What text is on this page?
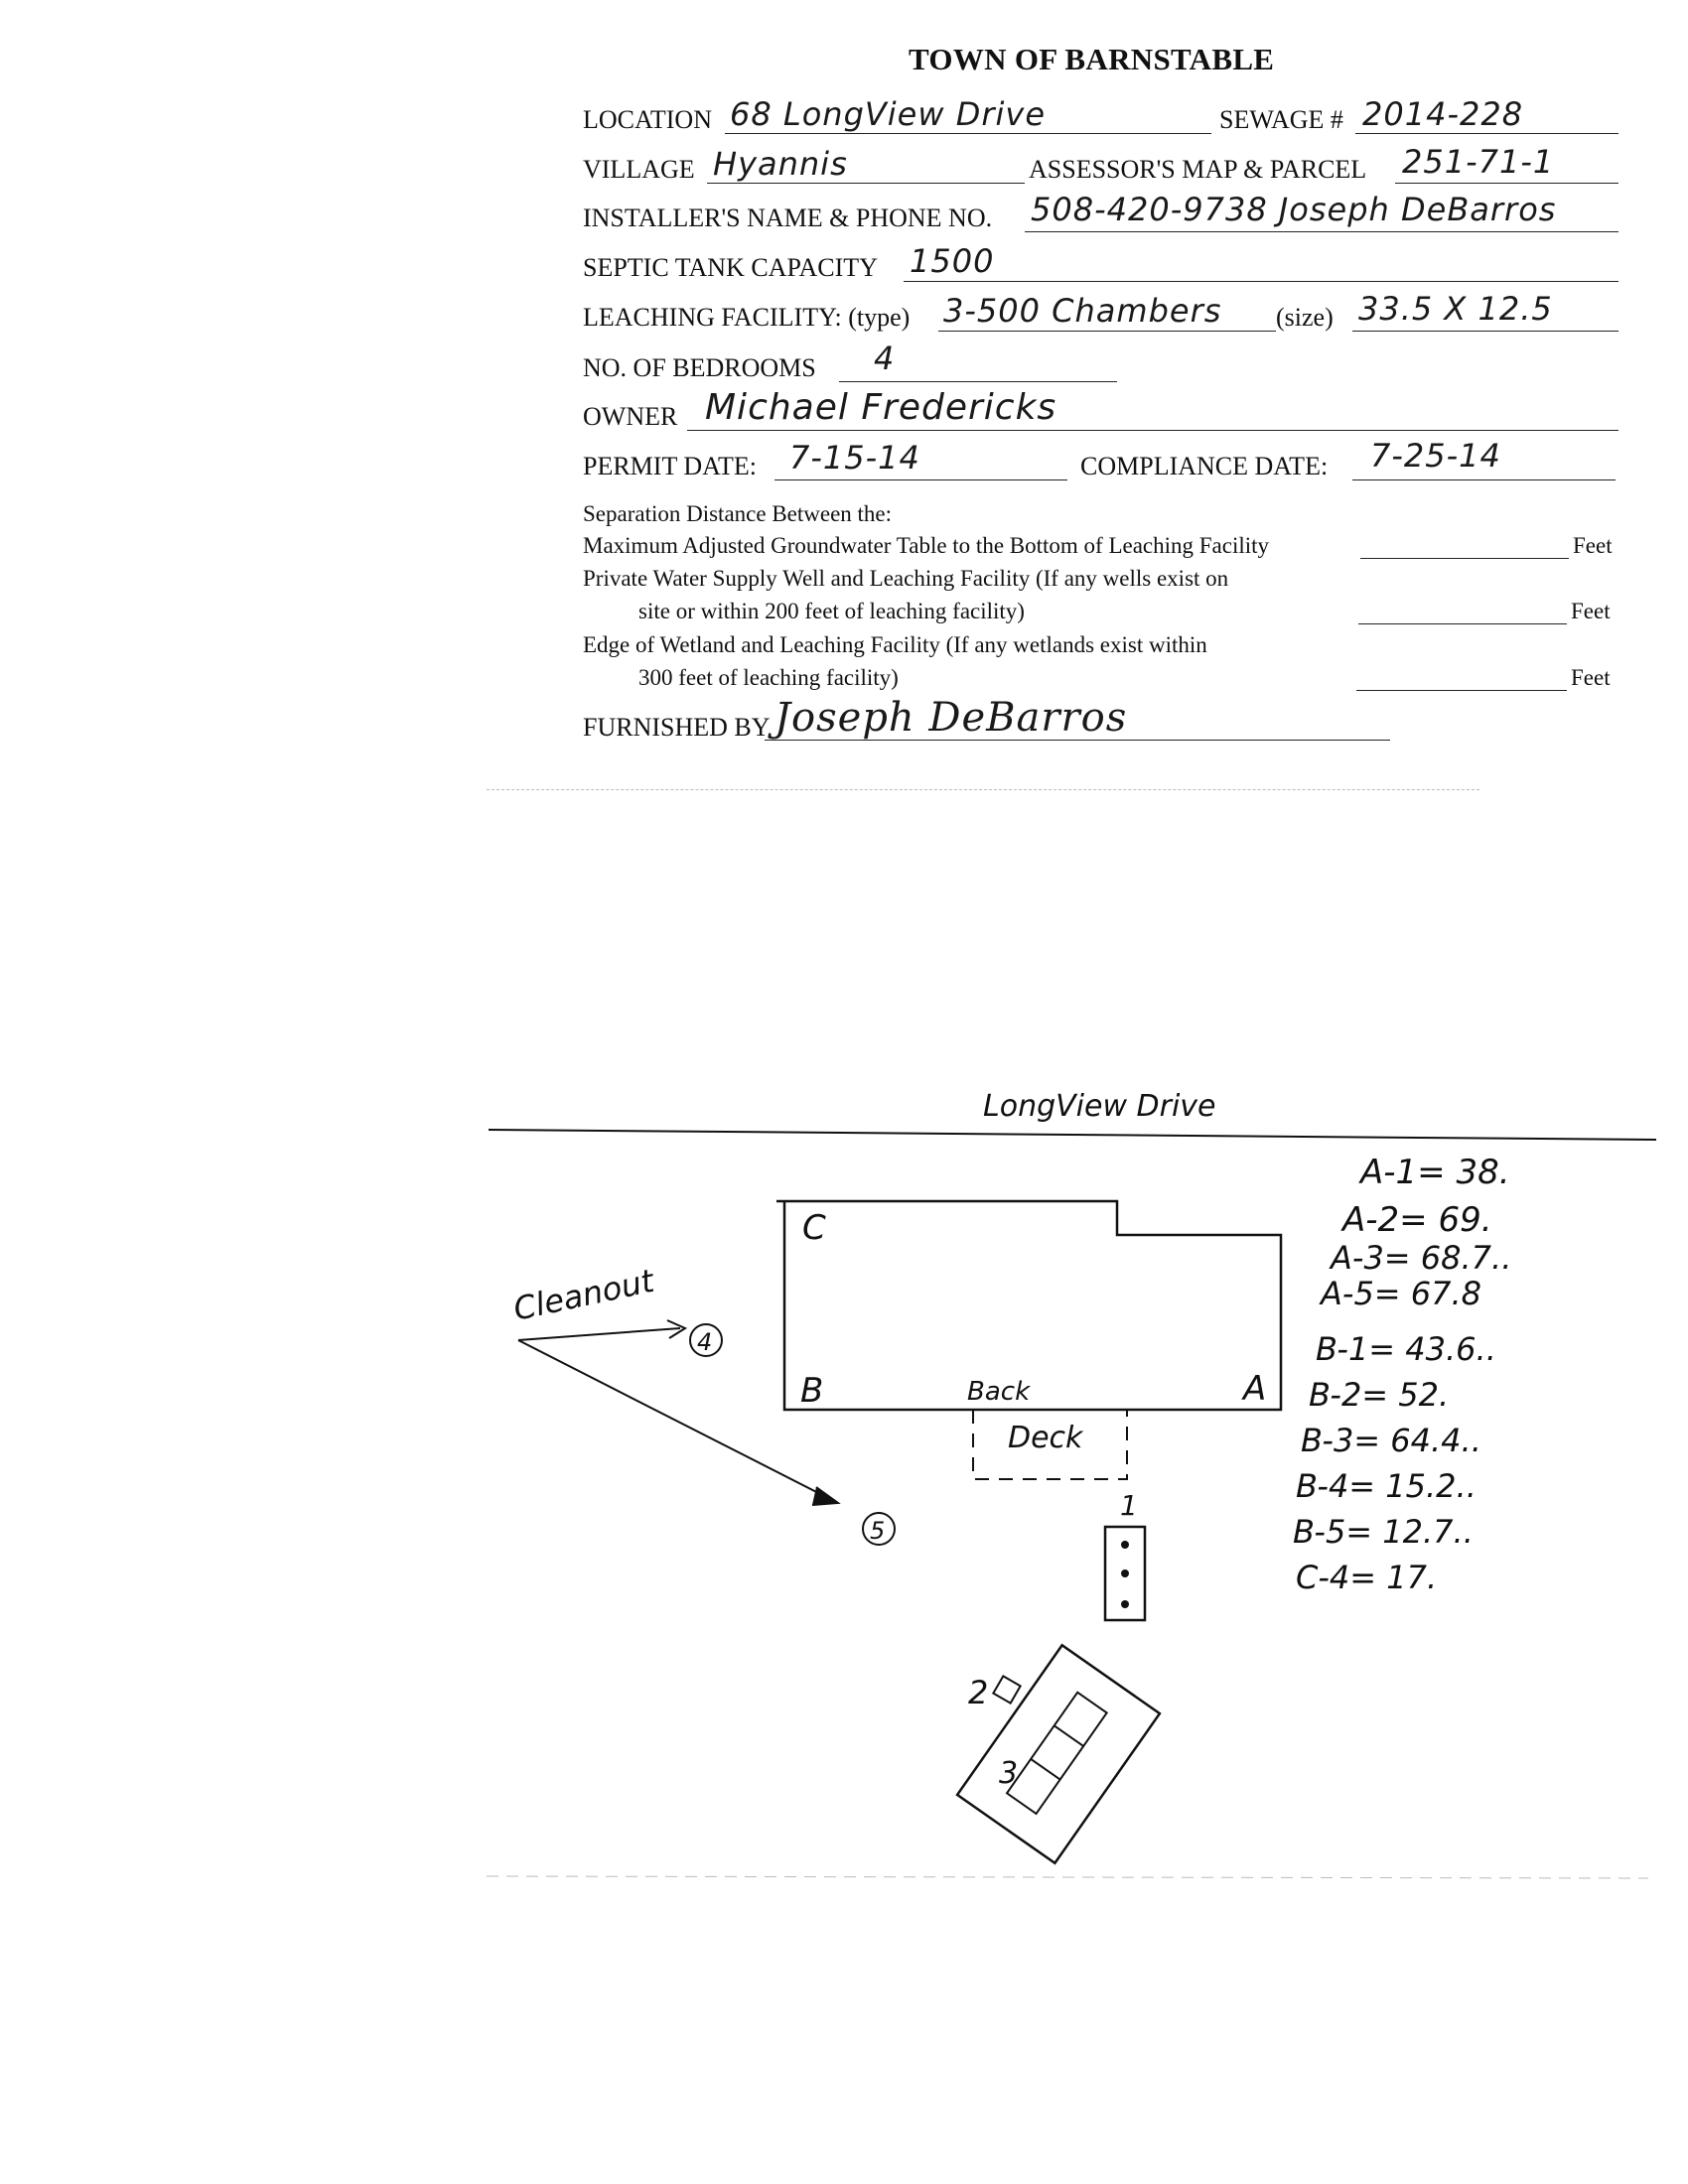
TOWN OF BARNSTABLE
LOCATION 68 LongView Drive	SEWAGE # 2014-228
VILLAGE Hyannis	ASSESSOR'S MAP & PARCEL 251-71-1
INSTALLER'S NAME & PHONE NO. 508-420-9738 Joseph DeBarros
SEPTIC TANK CAPACITY 1500
LEACHING FACILITY: (type) 3-500 Chambers (size) 33.5 X 12.5
NO. OF BEDROOMS 4
OWNER Michael Fredericks
PERMIT DATE: 7-15-14	COMPLIANCE DATE: 7-25-14
Separation Distance Between the:
Maximum Adjusted Groundwater Table to the Bottom of Leaching Facility	Feet
Private Water Supply Well and Leaching Facility (If any wells exist on
site or within 200 feet of leaching facility)	Feet
Edge of Wetland and Leaching Facility (If any wetlands exist within
300 feet of leaching facility)	Feet
FURNISHED BY Joseph DeBarros
LongView Drive
C
B	A
Back
Deck
Cleanout
4
5
1
2
3
A-1= 38.
A-2= 69.
A-3= 68.7..
A-5= 67.8
B-1= 43.6..
B-2= 52.
B-3= 64.4..
B-4= 15.2..
B-5= 12.7..
C-4= 17.
